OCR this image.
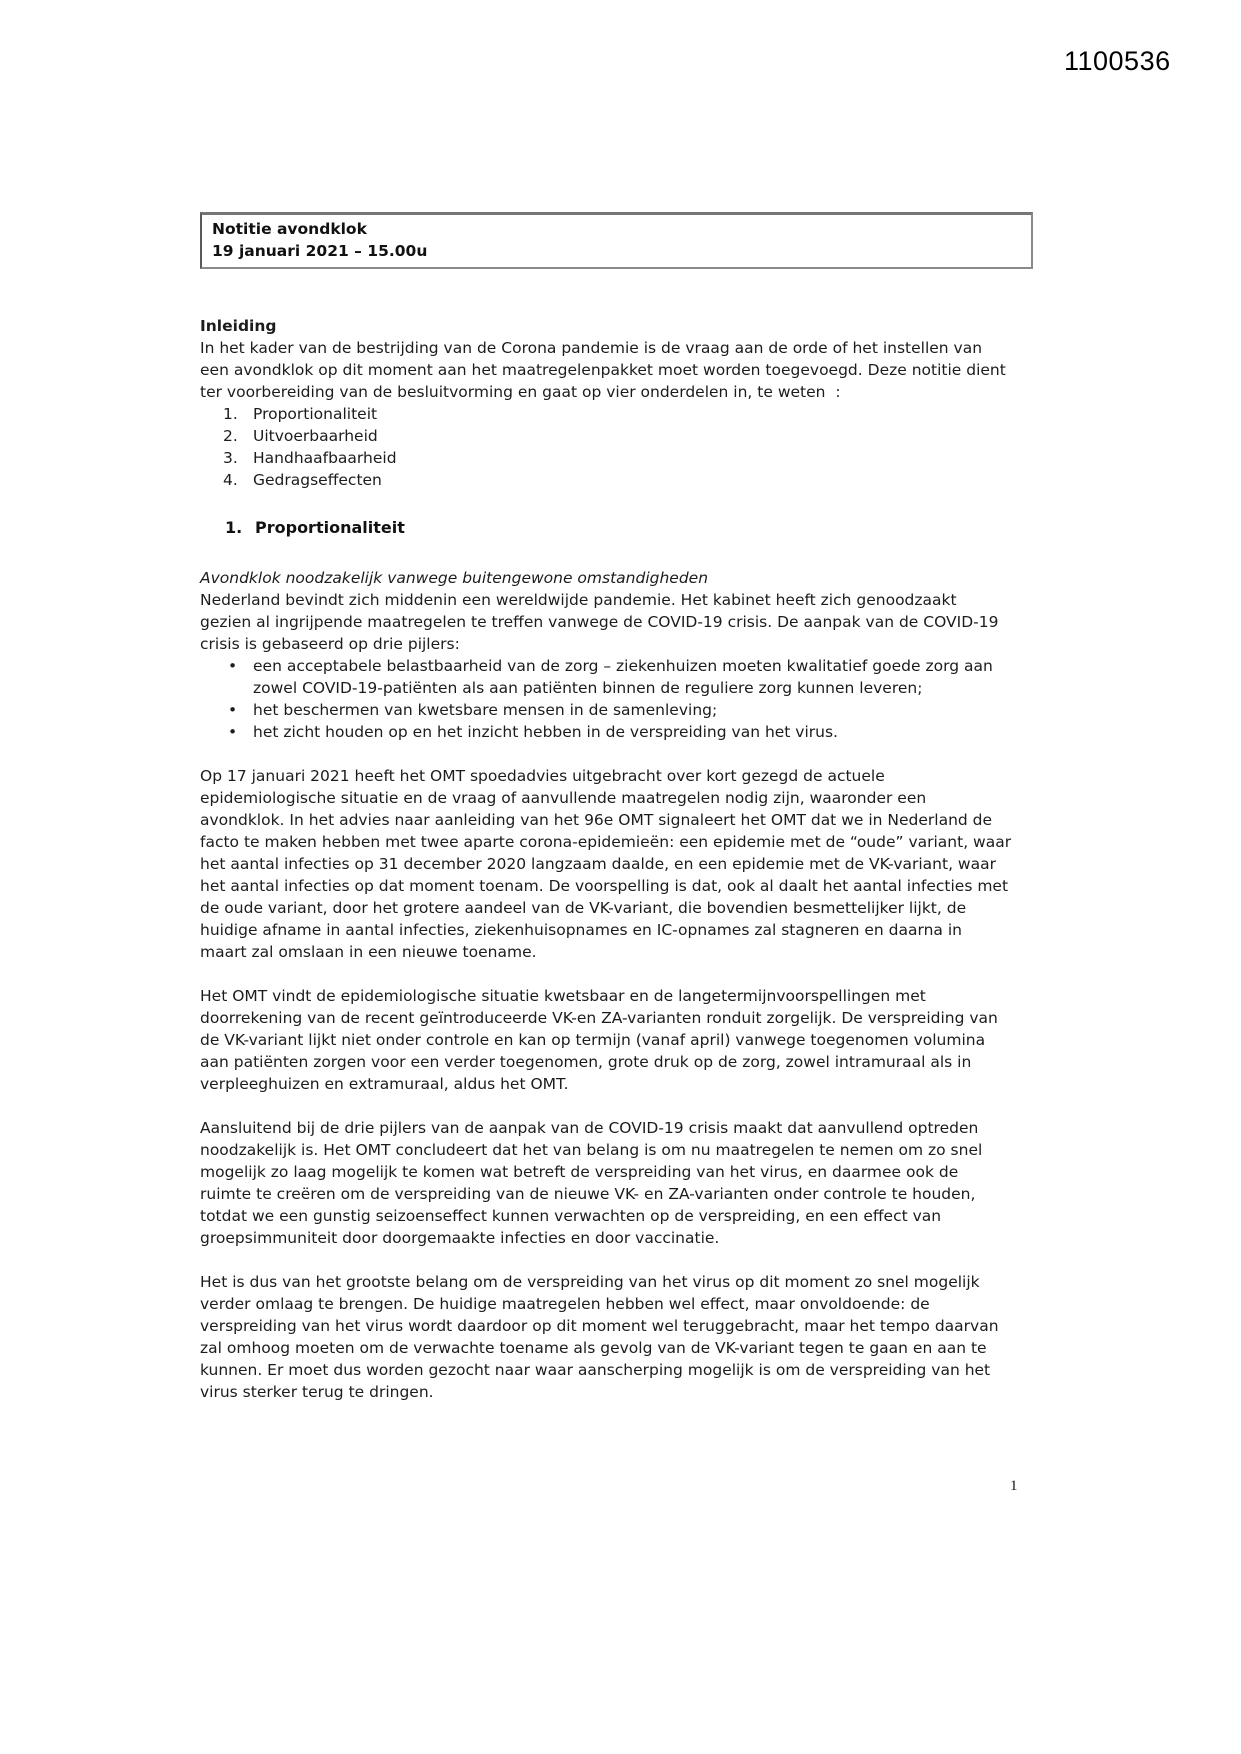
1100536
Notitie avondklok
19 januari 2021 – 15.00u
Inleiding

In het kader van de bestrijding van de Corona pandemie is de vraag aan de orde of het instellen van een avondklok op dit moment aan het maatregelenpakket moet worden toegevoegd. Deze notitie dient ter voorbereiding van de besluitvorming en gaat op vier onderdelen in, te weten  :

1. Proportionaliteit
2. Uitvoerbaarheid
3. Handhaafbaarheid
4. Gedragseffecten
1. Proportionaliteit
Avondklok noodzakelijk vanwege buitengewone omstandigheden

Nederland bevindt zich middenin een wereldwijde pandemie. Het kabinet heeft zich genoodzaakt gezien al ingrijpende maatregelen te treffen vanwege de COVID-19 crisis. De aanpak van de COVID-19 crisis is gebaseerd op drie pijlers:

•	een acceptabele belastbaarheid van de zorg – ziekenhuizen moeten kwalitatief goede zorg aan zowel COVID-19-patiënten als aan patiënten binnen de reguliere zorg kunnen leveren;
•	het beschermen van kwetsbare mensen in de samenleving;
•	het zicht houden op en het inzicht hebben in de verspreiding van het virus.

Op 17 januari 2021 heeft het OMT spoedadvies uitgebracht over kort gezegd de actuele epidemiologische situatie en de vraag of aanvullende maatregelen nodig zijn, waaronder een avondklok. In het advies naar aanleiding van het 96e OMT signaleert het OMT dat we in Nederland de facto te maken hebben met twee aparte corona-epidemieën: een epidemie met de “oude” variant, waar het aantal infecties op 31 december 2020 langzaam daalde, en een epidemie met de VK-variant, waar het aantal infecties op dat moment toenam. De voorspelling is dat, ook al daalt het aantal infecties met de oude variant, door het grotere aandeel van de VK-variant, die bovendien besmettelijker lijkt, de huidige afname in aantal infecties, ziekenhuisopnames en IC-opnames zal stagneren en daarna in maart zal omslaan in een nieuwe toename.

Het OMT vindt de epidemiologische situatie kwetsbaar en de langetermijnvoorspellingen met doorrekening van de recent geïntroduceerde VK-en ZA-varianten ronduit zorgelijk. De verspreiding van de VK-variant lijkt niet onder controle en kan op termijn (vanaf april) vanwege toegenomen volumina aan patiënten zorgen voor een verder toegenomen, grote druk op de zorg, zowel intramuraal als in verpleeghuizen en extramuraal, aldus het OMT.

Aansluitend bij de drie pijlers van de aanpak van de COVID-19 crisis maakt dat aanvullend optreden noodzakelijk is. Het OMT concludeert dat het van belang is om nu maatregelen te nemen om zo snel mogelijk zo laag mogelijk te komen wat betreft de verspreiding van het virus, en daarmee ook de ruimte te creëren om de verspreiding van de nieuwe VK- en ZA-varianten onder controle te houden, totdat we een gunstig seizoenseffect kunnen verwachten op de verspreiding, en een effect van groepsimmuniteit door doorgemaakte infecties en door vaccinatie.

Het is dus van het grootste belang om de verspreiding van het virus op dit moment zo snel mogelijk verder omlaag te brengen. De huidige maatregelen hebben wel effect, maar onvoldoende: de verspreiding van het virus wordt daardoor op dit moment wel teruggebracht, maar het tempo daarvan zal omhoog moeten om de verwachte toename als gevolg van de VK-variant tegen te gaan en aan te kunnen. Er moet dus worden gezocht naar waar aanscherping mogelijk is om de verspreiding van het virus sterker terug te dringen.

1
